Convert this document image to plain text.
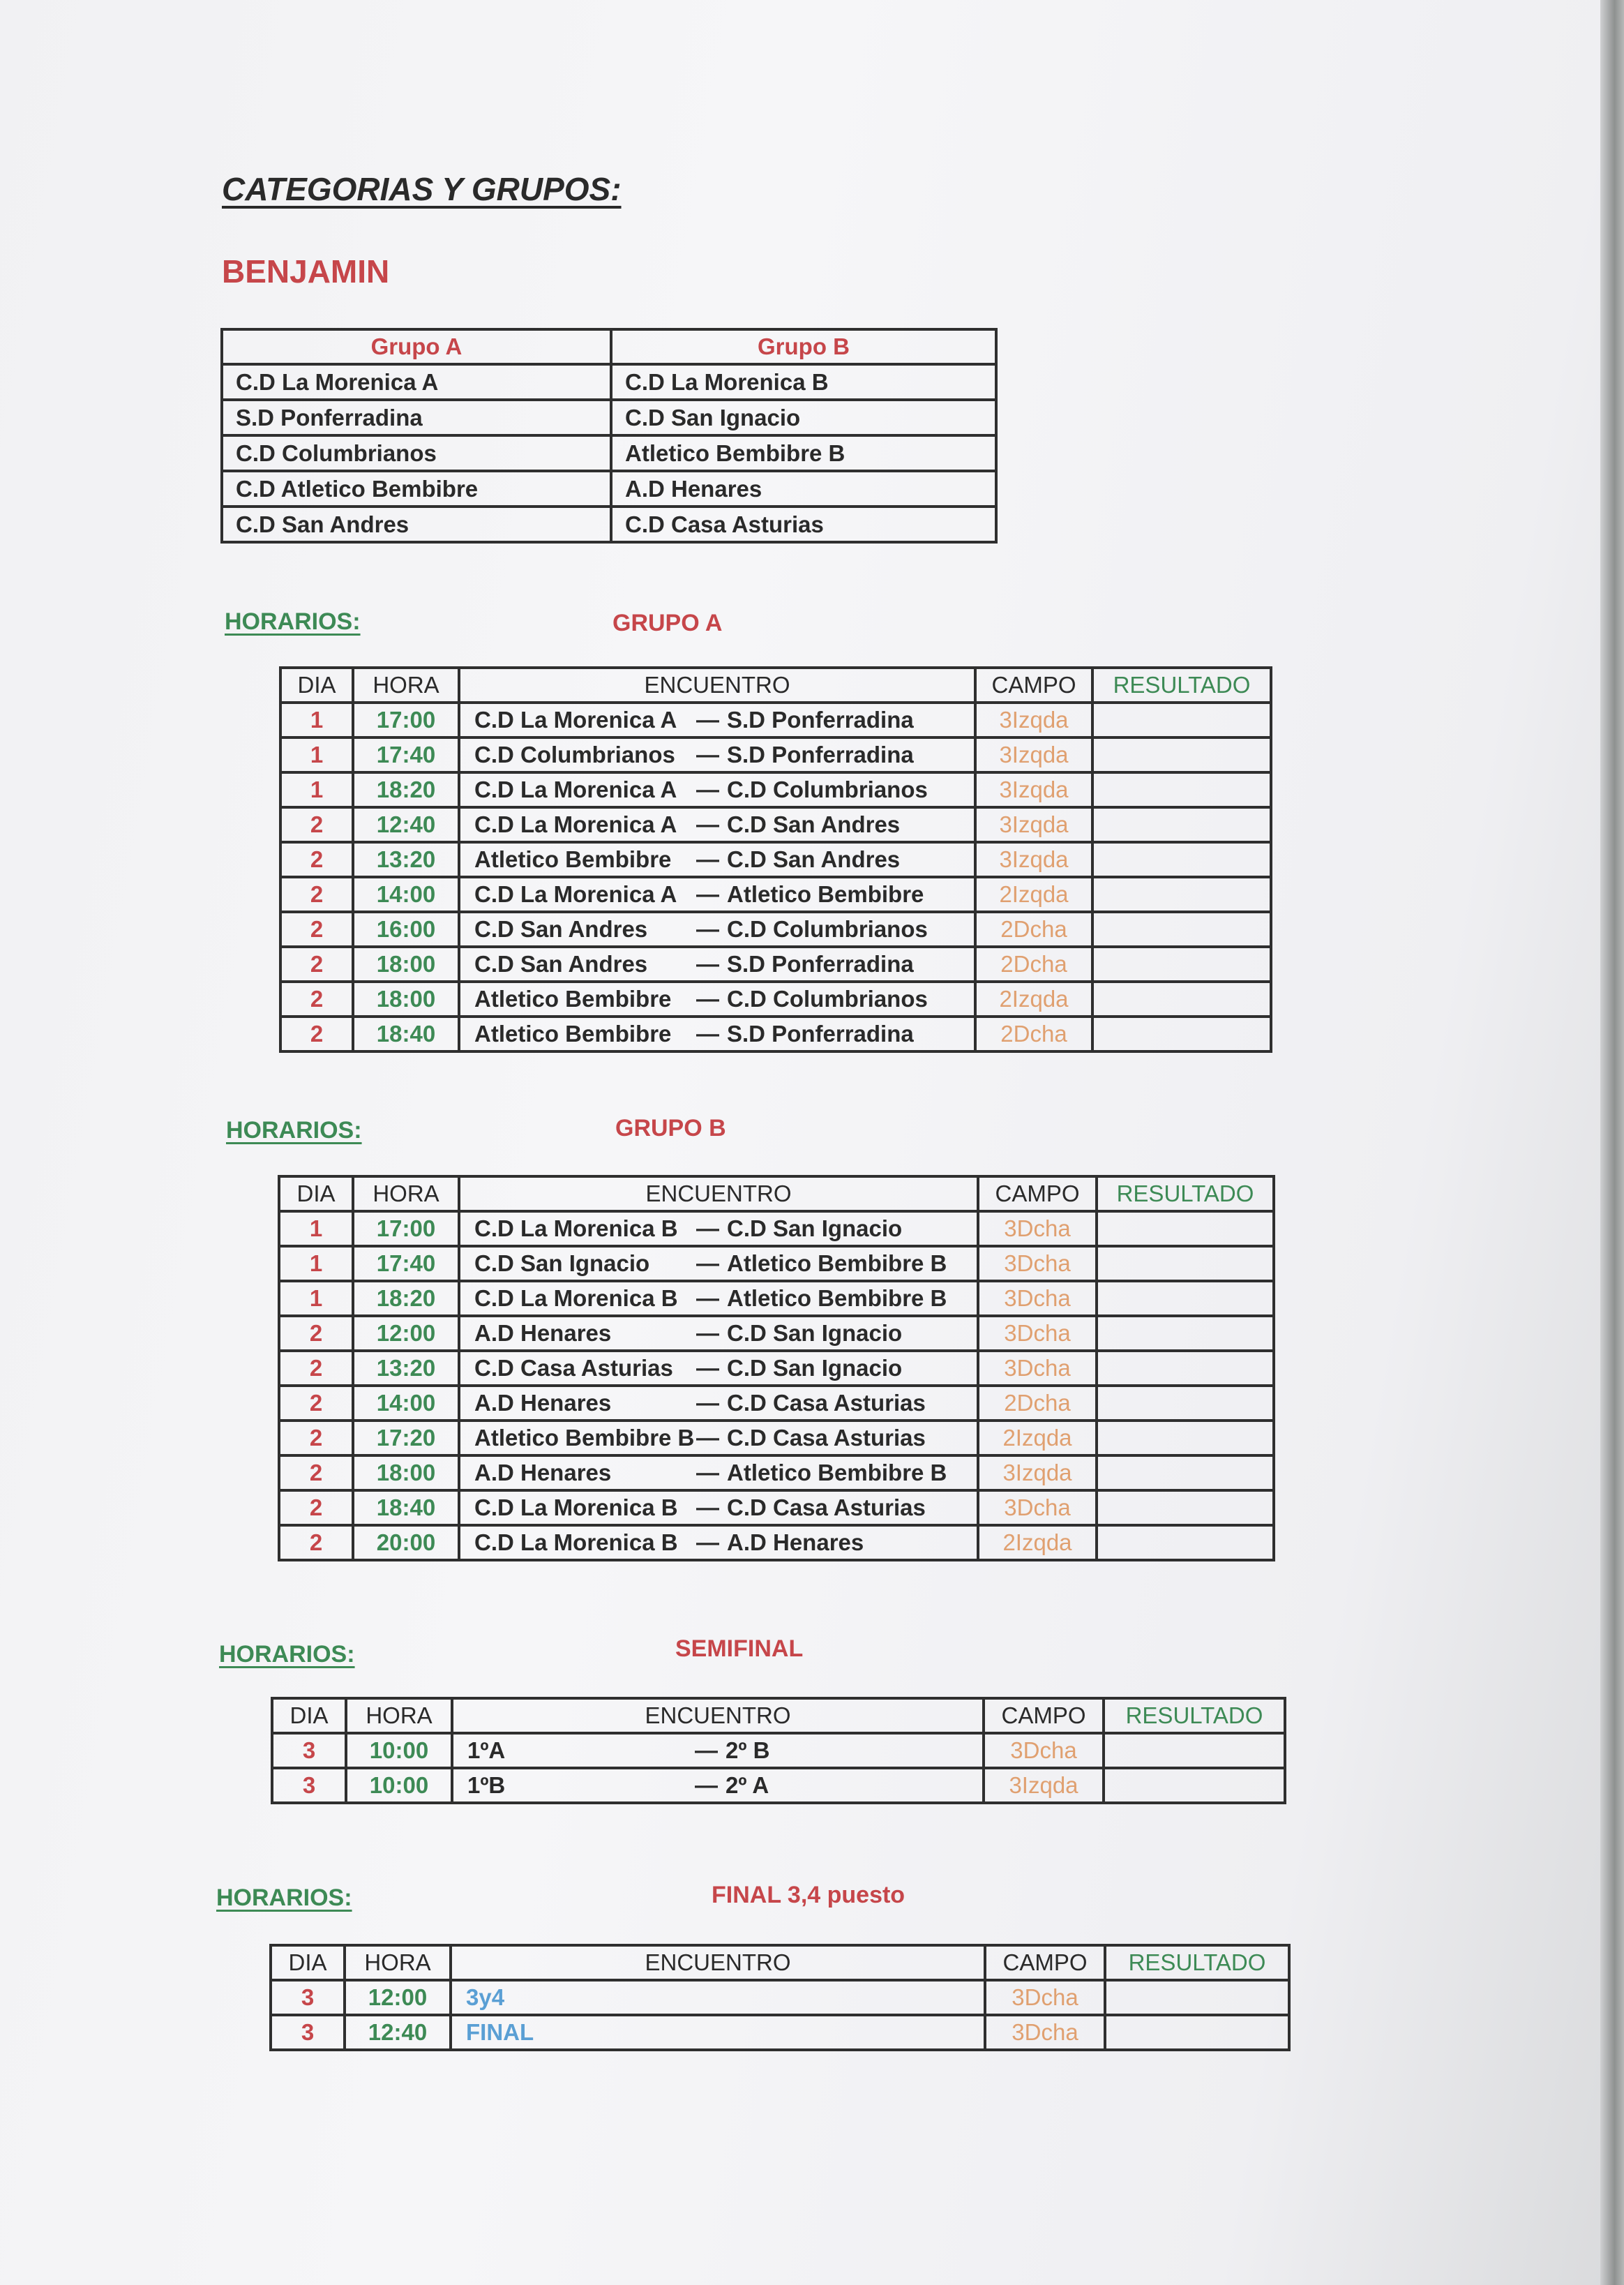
CATEGORIAS Y GRUPOS:
BENJAMIN
Grupo A	Grupo B
C.D La Morenica A	C.D La Morenica B
S.D Ponferradina	C.D San Ignacio
C.D Columbrianos	Atletico Bembibre B
C.D Atletico Bembibre	A.D Henares
C.D San Andres	C.D Casa Asturias
HORARIOS:	GRUPO A
HORARIOS:	GRUPO B
HORARIOS:	SEMIFINAL
HORARIOS:	FINAL 3,4 puesto
DIA	HORA	ENCUENTRO	CAMPO	RESULTADO
1	17:00	C.D La Morenica A — S.D Ponferradina	3Izqda	
1	17:40	C.D Columbrianos — S.D Ponferradina	3Izqda	
1	18:20	C.D La Morenica A — C.D Columbrianos	3Izqda	
2	12:40	C.D La Morenica A — C.D San Andres	3Izqda	
2	13:20	Atletico Bembibre — C.D San Andres	3Izqda	
2	14:00	C.D La Morenica A — Atletico Bembibre	2Izqda	
2	16:00	C.D San Andres — C.D Columbrianos	2Dcha	
2	18:00	C.D San Andres — S.D Ponferradina	2Dcha	
2	18:00	Atletico Bembibre — C.D Columbrianos	2Izqda	
2	18:40	Atletico Bembibre — S.D Ponferradina	2Dcha	
DIA	HORA	ENCUENTRO	CAMPO	RESULTADO
1	17:00	C.D La Morenica B — C.D San Ignacio	3Dcha	
1	17:40	C.D San Ignacio — Atletico Bembibre B	3Dcha	
1	18:20	C.D La Morenica B — Atletico Bembibre B	3Dcha	
2	12:00	A.D Henares — C.D San Ignacio	3Dcha	
2	13:20	C.D Casa Asturias — C.D San Ignacio	3Dcha	
2	14:00	A.D Henares — C.D Casa Asturias	2Dcha	
2	17:20	Atletico Bembibre B— C.D Casa Asturias	2Izqda	
2	18:00	A.D Henares — Atletico Bembibre B	3Izqda	
2	18:40	C.D La Morenica B — C.D Casa Asturias	3Dcha	
2	20:00	C.D La Morenica B — A.D Henares	2Izqda	
DIA	HORA	ENCUENTRO	CAMPO	RESULTADO
3	10:00	1ºA — 2º B	3Dcha	
3	10:00	1ºB — 2º A	3Izqda	
DIA	HORA	ENCUENTRO	CAMPO	RESULTADO
3	12:00	3y4	3Dcha	
3	12:40	FINAL	3Dcha	
